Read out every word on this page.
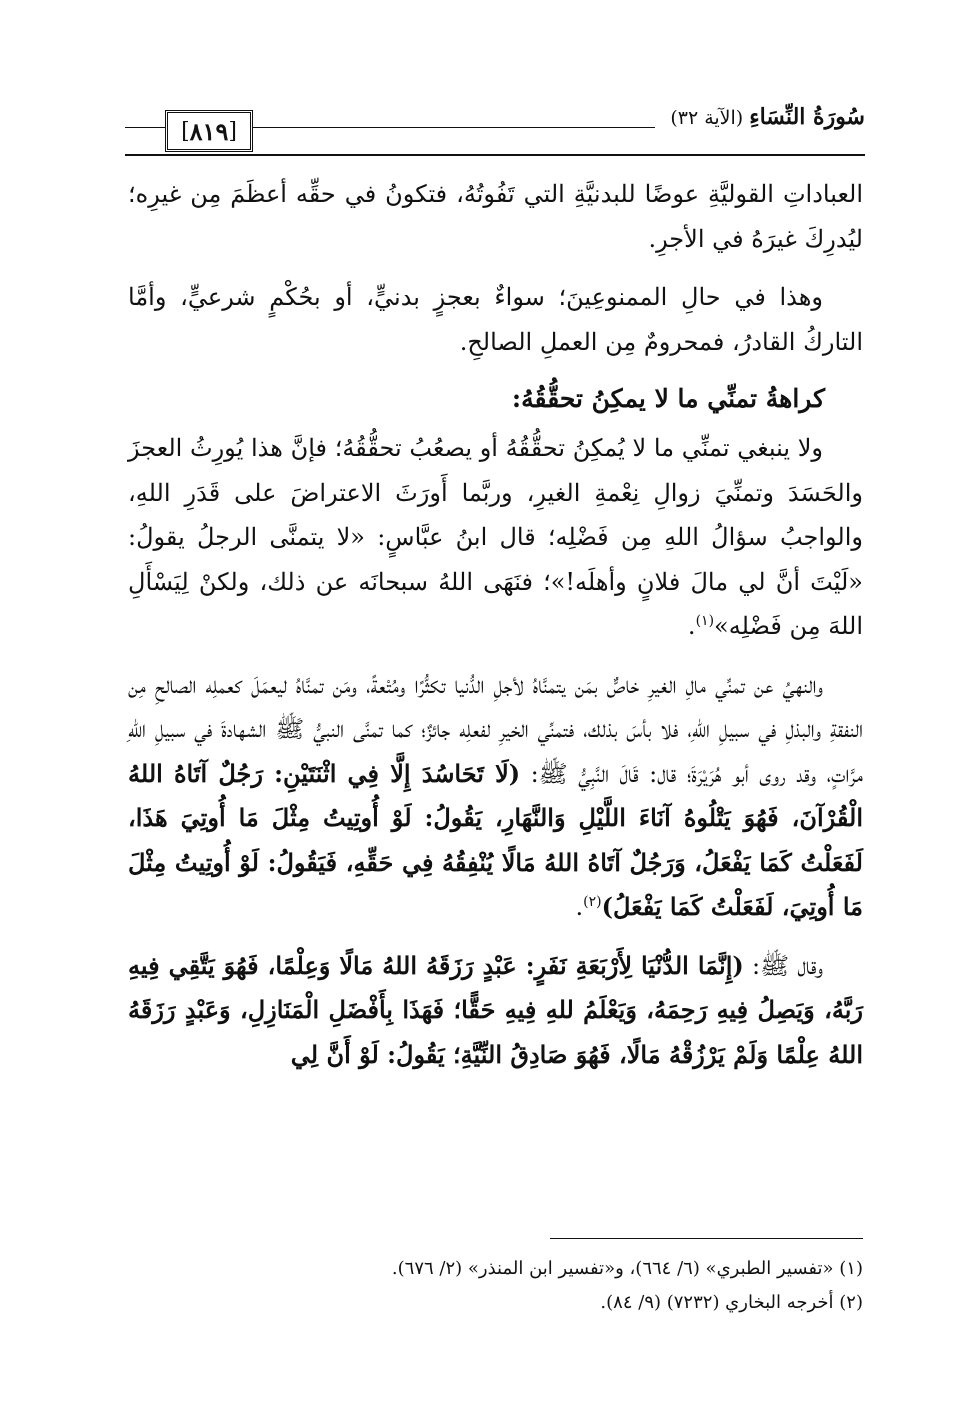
[ ٨١٩ ]
سُورَةُ النِّسَاءِ (الآية ٣٢)

العباداتِ القوليَّةِ عوضًا للبدنيَّةِ التي تَفُوتُهُ، فتكونُ في حقِّه أعظَمَ مِن غيرِه؛ ليُدرِكَ غيرَهُ في الأجرِ.

وهذا في حالِ الممنوعِينَ؛ سواءٌ بعجزٍ بدنيٍّ، أو بحُكْمٍ شرعيٍّ، وأمَّا التاركُ القادرُ، فمحرومٌ مِن العملِ الصالحِ.

كراهةُ تمنِّي ما لا يمكِنُ تحقُّقُهُ:

ولا ينبغي تمنِّي ما لا يُمكِنُ تحقُّقُهُ أو يصعُبُ تحقُّقُهُ؛ فإنَّ هذا يُورِثُ العجزَ والحَسَدَ وتمنِّيَ زوالِ نِعْمةِ الغيرِ، وربَّما أَورَثَ الاعتراضَ على قَدَرِ اللهِ، والواجبُ سؤالُ اللهِ مِن فَضْلِه؛ قال ابنُ عبَّاسٍ: «لا يتمنَّى الرجلُ يقولُ: «لَيْتَ أنَّ لي مالَ فلانٍ وأهلَه!»؛ فنَهَى اللهُ سبحانَه عن ذلك، ولكنْ لِيَسْأَلِ اللهَ مِن فَضْلِه»$^{(١)}$.

والنهيُ عن تمنِّي مالِ الغيرِ خاصٌّ بمَن يتمنَّاهُ لأجلِ الدُّنيا تكثُّرًا ومُتْعةً، ومَن تمنَّاهُ ليعمَلَ كعملِه الصالحِ مِن النفقةِ والبذلِ في سبيلِ اللهِ، فلا بأسَ بذلك، فتمنِّي الخيرِ لفعلِه جائزٌ؛ كما تمنَّى النبيُّ ﷺ الشهادةَ في سبيلِ اللهِ مرَّاتٍ، وقد روى أبو هُرَيْرَةَ؛ قال: قَالَ النَّبِيُّ ﷺ: (لَا تَحَاسُدَ إِلَّا فِي اثْنَتَيْنِ: رَجُلٌ آتَاهُ اللهُ الْقُرْآنَ، فَهُوَ يَتْلُوهُ آنَاءَ اللَّيْلِ وَالنَّهَارِ، يَقُولُ: لَوْ أُوتِيتُ مِثْلَ مَا أُوتِيَ هَذَا، لَفَعَلْتُ كَمَا يَفْعَلُ، وَرَجُلٌ آتَاهُ اللهُ مَالًا يُنْفِقُهُ فِي حَقِّهِ، فَيَقُولُ: لَوْ أُوتِيتُ مِثْلَ مَا أُوتِيَ، لَفَعَلْتُ كَمَا يَفْعَلُ)$^{(٢)}$.

وقال ﷺ: (إِنَّمَا الدُّنْيَا لِأَرْبَعَةِ نَفَرٍ: عَبْدٍ رَزَقَهُ اللهُ مَالًا وَعِلْمًا، فَهُوَ يَتَّقِي فِيهِ رَبَّهُ، وَيَصِلُ فِيهِ رَحِمَهُ، وَيَعْلَمُ للهِ فِيهِ حَقًّا؛ فَهَذَا بِأَفْضَلِ الْمَنَازِلِ، وَعَبْدٍ رَزَقَهُ اللهُ عِلْمًا وَلَمْ يَرْزُقْهُ مَالًا، فَهُوَ صَادِقُ النِّيَّةِ؛ يَقُولُ: لَوْ أَنَّ لِي

(١) «تفسير الطبري» (٦/ ٦٦٤)، و«تفسير ابن المنذر» (٢/ ٦٧٦).
(٢) أخرجه البخاري (٧٢٣٢) (٩/ ٨٤).
